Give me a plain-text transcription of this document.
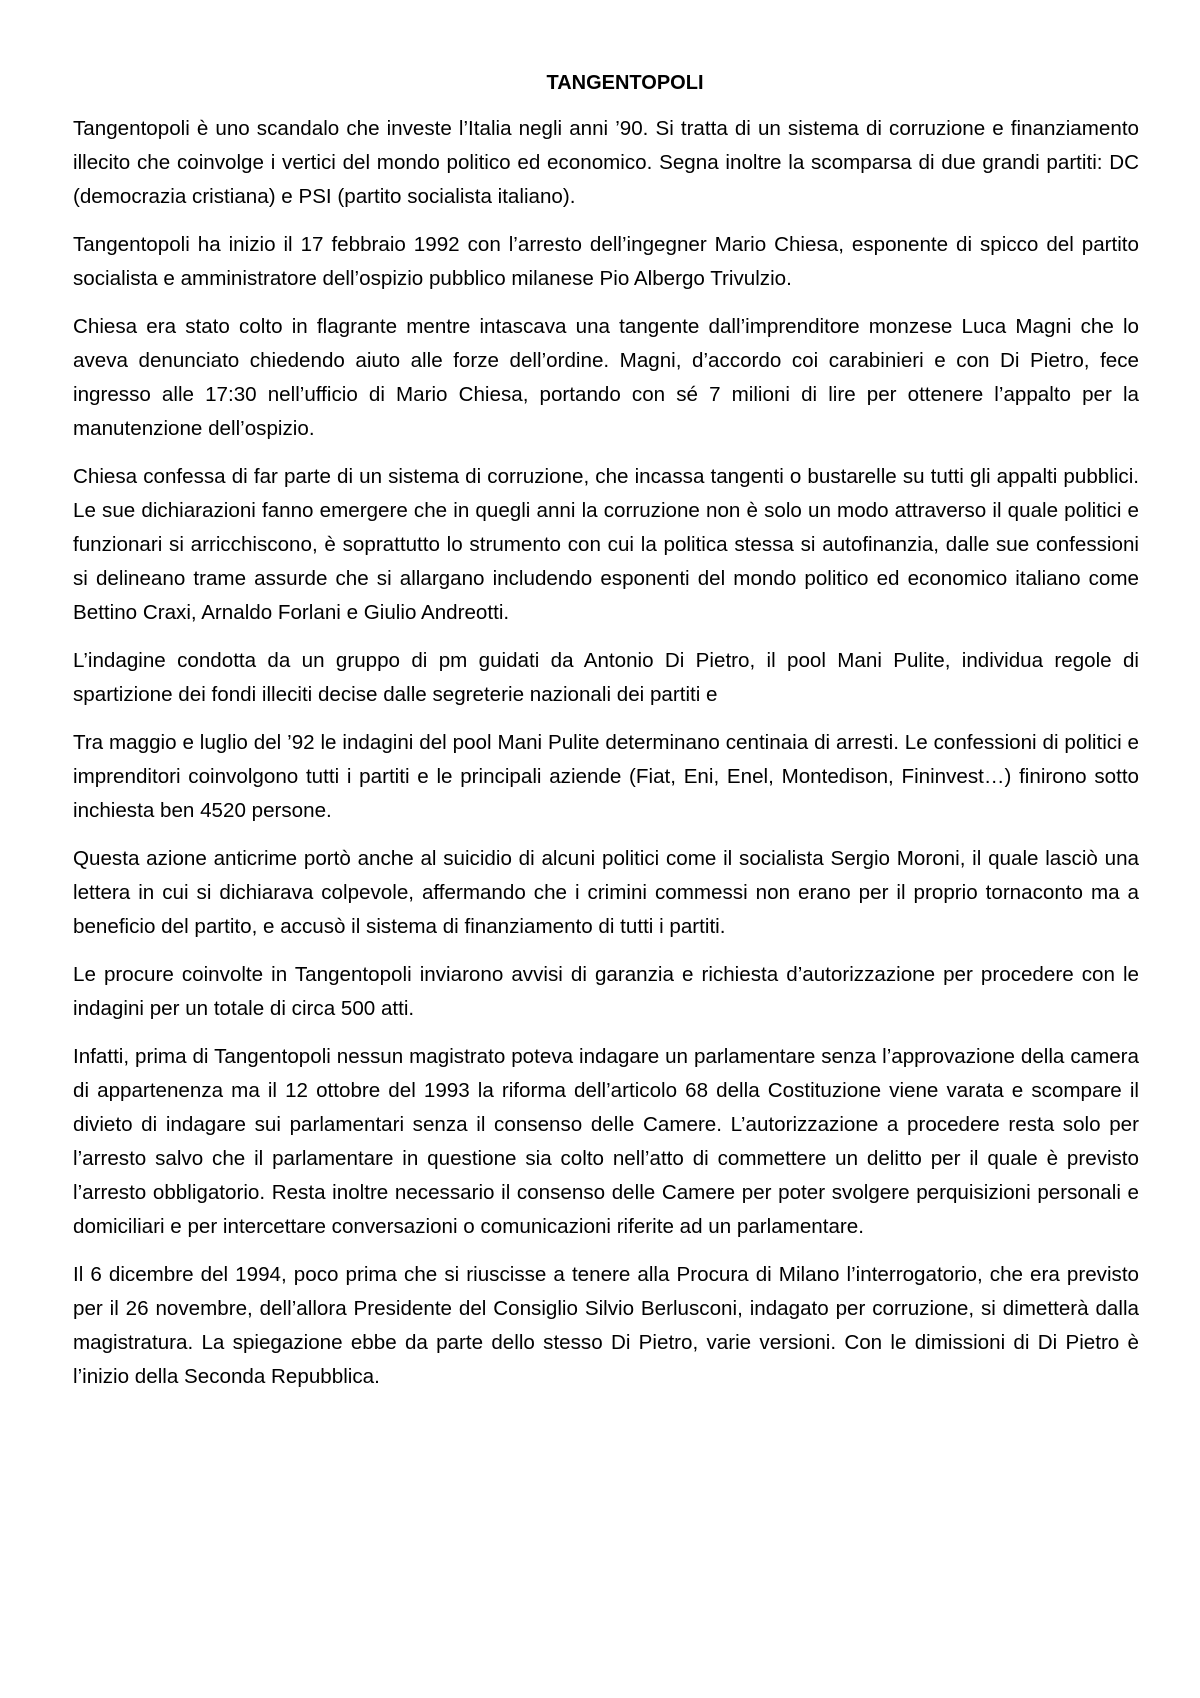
TANGENTOPOLI

Tangentopoli è uno scandalo che investe l’Italia negli anni ’90. Si tratta di un sistema di corruzione e finanziamento illecito che coinvolge i vertici del mondo politico ed economico. Segna inoltre la scomparsa di due grandi partiti: DC (democrazia cristiana) e PSI (partito socialista italiano).

Tangentopoli ha inizio il 17 febbraio 1992 con l’arresto dell’ingegner Mario Chiesa, esponente di spicco del partito socialista e amministratore dell’ospizio pubblico milanese Pio Albergo Trivulzio.

Chiesa era stato colto in flagrante mentre intascava una tangente dall’imprenditore monzese Luca Magni che lo aveva denunciato chiedendo aiuto alle forze dell’ordine. Magni, d’accordo coi carabinieri e con Di Pietro, fece ingresso alle 17:30 nell’ufficio di Mario Chiesa, portando con sé 7 milioni di lire per ottenere l’appalto per la manutenzione dell’ospizio.

Chiesa confessa di far parte di un sistema di corruzione, che incassa tangenti o bustarelle su tutti gli appalti pubblici. Le sue dichiarazioni fanno emergere che in quegli anni la corruzione non è solo un modo attraverso il quale politici e funzionari si arricchiscono, è soprattutto lo strumento con cui la politica stessa si autofinanzia, dalle sue confessioni si delineano trame assurde che si allargano includendo esponenti del mondo politico ed economico italiano come Bettino Craxi, Arnaldo Forlani e Giulio Andreotti.

L’indagine condotta da un gruppo di pm guidati da Antonio Di Pietro, il pool Mani Pulite, individua regole di spartizione dei fondi illeciti decise dalle segreterie nazionali dei partiti e

Tra maggio e luglio del ’92 le indagini del pool Mani Pulite determinano centinaia di arresti. Le confessioni di politici e imprenditori coinvolgono tutti i partiti e le principali aziende (Fiat, Eni, Enel, Montedison, Fininvest…) finirono sotto inchiesta ben 4520 persone.

Questa azione anticrime portò anche al suicidio di alcuni politici come il socialista Sergio Moroni, il quale lasciò una lettera in cui si dichiarava colpevole, affermando che i crimini commessi non erano per il proprio tornaconto ma a beneficio del partito, e accusò il sistema di finanziamento di tutti i partiti.

Le procure coinvolte in Tangentopoli inviarono avvisi di garanzia e richiesta d’autorizzazione per procedere con le indagini per un totale di circa 500 atti.

Infatti, prima di Tangentopoli nessun magistrato poteva indagare un parlamentare senza l’approvazione della camera di appartenenza ma il 12 ottobre del 1993 la riforma dell’articolo 68 della Costituzione viene varata e scompare il divieto di indagare sui parlamentari senza il consenso delle Camere. L’autorizzazione a procedere resta solo per l’arresto salvo che il parlamentare in questione sia colto nell’atto di commettere un delitto per il quale è previsto l’arresto obbligatorio. Resta inoltre necessario il consenso delle Camere per poter svolgere perquisizioni personali e domiciliari e per intercettare conversazioni o comunicazioni riferite ad un parlamentare.

Il 6 dicembre del 1994, poco prima che si riuscisse a tenere alla Procura di Milano l’interrogatorio, che era previsto per il 26 novembre, dell’allora Presidente del Consiglio Silvio Berlusconi, indagato per corruzione, si dimetterà dalla magistratura. La spiegazione ebbe da parte dello stesso Di Pietro, varie versioni. Con le dimissioni di Di Pietro è l’inizio della Seconda Repubblica.
